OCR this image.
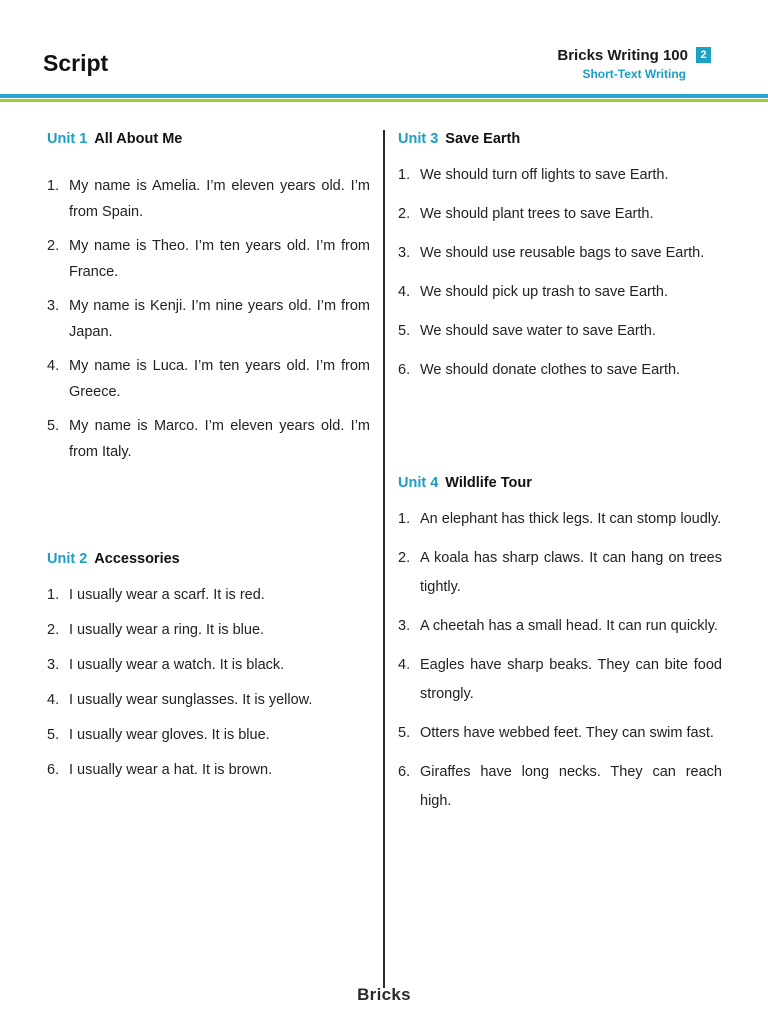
Script	Bricks Writing 100	2
Short-Text Writing
Unit 1 All About Me
1. My name is Amelia. I’m eleven years old. I’m from Spain.
2. My name is Theo. I’m ten years old. I’m from France.
3. My name is Kenji. I’m nine years old. I’m from Japan.
4. My name is Luca. I’m ten years old. I’m from Greece.
5. My name is Marco. I’m eleven years old. I’m from Italy.
Unit 2 Accessories
1. I usually wear a scarf. It is red.
2. I usually wear a ring. It is blue.
3. I usually wear a watch. It is black.
4. I usually wear sunglasses. It is yellow.
5. I usually wear gloves. It is blue.
6. I usually wear a hat. It is brown.
Unit 3 Save Earth
1. We should turn off lights to save Earth.
2. We should plant trees to save Earth.
3. We should use reusable bags to save Earth.
4. We should pick up trash to save Earth.
5. We should save water to save Earth.
6. We should donate clothes to save Earth.
Unit 4 Wildlife Tour
1. An elephant has thick legs. It can stomp loudly.
2. A koala has sharp claws. It can hang on trees tightly.
3. A cheetah has a small head. It can run quickly.
4. Eagles have sharp beaks. They can bite food strongly.
5. Otters have webbed feet. They can swim fast.
6. Giraffes have long necks. They can reach high.
Bricks
